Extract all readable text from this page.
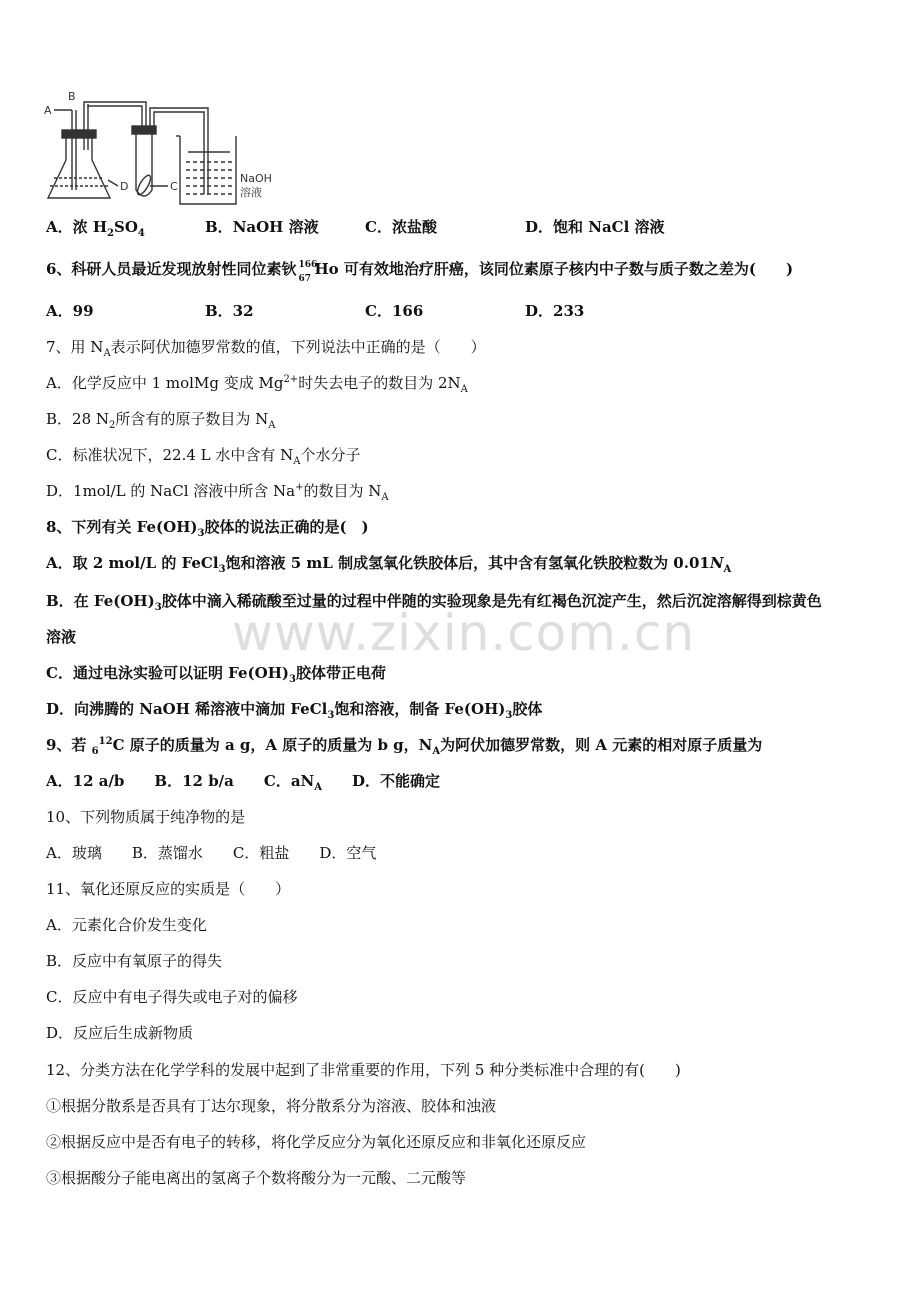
A
B
D	C
NaOH
溶液
A．浓 $H_2SO_4$	B．NaOH 溶液	C．浓盐酸	D．饱和 NaCl 溶液
6、科研人员最近发现放射性同位素钬 166
67
Ho 可有效地治疗肝癌，该同位素原子核内中子数与质子数之差为(　　)
A．99	B．32	C．166	D．233
7、用 $N_A$表示阿伏加德罗常数的值，下列说法中正确的是（　　）
A．化学反应中 1 molMg 变成 $Mg^{2+}$时失去电子的数目为 $2N_A$
B．28 $N_2$所含有的原子数目为 $N_A$
C．标准状况下，22.4 L 水中含有 $N_A$个水分子
D．1mol/L 的 NaCl 溶液中所含 Na+的数目为 $N_A$
8、下列有关 $Fe(OH)_3$胶体的说法正确的是(　)
A．取 2 mol/L 的 FeCl$_3$饱和溶液 5 mL 制成氢氧化铁胶体后，其中含有氢氧化铁胶粒数为 $0.01N_A$
B．在 $Fe(OH)_3$胶体中滴入稀硫酸至过量的过程中伴随的实验现象是先有红褐色沉淀产生，然后沉淀溶解得到棕黄色
溶液
C．通过电泳实验可以证明 $Fe(OH)_3$胶体带正电荷
D．向沸腾的 NaOH 稀溶液中滴加 FeCl$_3$饱和溶液，制备 $Fe(OH)_3$胶体
9、若 $_6^{12}$C 原子的质量为 a g，A 原子的质量为 b g，$N_A$为阿伏加德罗常数，则 A 元素的相对原子质量为
A．12 a/b B．12 b/a C．$aN_A$ D．不能确定
10、下列物质属于纯净物的是
A．玻璃 B．蒸馏水 C．粗盐 D．空气
11、氧化还原反应的实质是（　　）
A．元素化合价发生变化
B．反应中有氧原子的得失
C．反应中有电子得失或电子对的偏移
D．反应后生成新物质
12、分类方法在化学学科的发展中起到了非常重要的作用，下列 5 种分类标准中合理的有(　　)
①根据分散系是否具有丁达尔现象，将分散系分为溶液、胶体和浊液
②根据反应中是否有电子的转移，将化学反应分为氧化还原反应和非氧化还原反应
③根据酸分子能电离出的氢离子个数将酸分为一元酸、二元酸等
www.zixin.com.cn
